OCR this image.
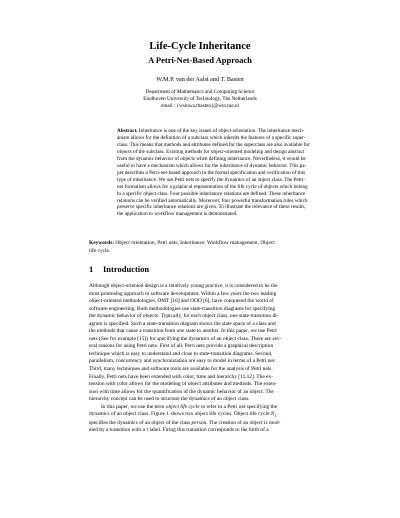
Life-Cycle Inheritance
A Petri-Net-Based Approach
W.M.P. van der Aalst and T. Basten
Department of Mathematics and Computing Science
Eindhoven University of Technology, The Netherlands
email : {wsinwa,tbasten}@win.tue.nl
Abstract. Inheritance is one of the key issues of object-orientation. The inheritance mech-
anism allows for the definition of a subclass which inherits the features of a specific super-
class. This means that methods and attributes defined for the superclass are also available for
objects of the subclass. Existing methods for object-oriented modeling and design abstract
from the dynamic behavior of objects when defining inheritance. Nevertheless, it would be
useful to have a mechanism which allows for the inheritance of dynamic behavior. This pa-
per describes a Petri-net-based approach to the formal specification and verification of this
type of inheritance. We use Petri nets to specify the dynamics of an object class. The Petri-
net formalism allows for a graphical representation of the life cycle of objects which belong
to a specific object class. Four possible inheritance relations are defined. These inheritance
relations can be verified automatically. Moreover, four powerful transformation rules which
preserve specific inheritance relations are given. To illustrate the relevance of these results,
the application to workflow management is demonstrated.
Keywords: Object orientation, Petri nets, Inheritance, Workflow management, Object
life cycle.
1 Introduction
Although object-oriented design is a relatively young practice, it is considered to be the
most promising approach to software development. Within a few years the two leading
object-oriented methodologies, OMT [16] and OOD [6], have conquered the world of
software engineering. Both methodologies use state-transition diagrams for specifying
the dynamic behavior of objects. Typically, for each object class, one state-transition di-
agram is specified. Such a state-transition diagram shows the state space of a class and
the methods that cause a transition from one state to another. In this paper, we use Petri
nets (See for example [15]) for specifying the dynamics of an object class. There are sev-
eral reasons for using Petri nets. First of all, Petri nets provide a graphical description
technique which is easy to understand and close to state-transition diagrams. Second,
parallelism, concurrency and synchronization are easy to model in terms of a Petri net.
Third, many techniques and software tools are available for the analysis of Petri nets.
Finally, Petri nets have been extended with color, time and hierarchy [11,12]. The ex-
tension with color allows for the modeling of object attributes and methods. The exten-
sion with time allows for the quantification of the dynamic behavior of an object. The
hierarchy concept can be used to structure the dynamics of an object class.
In this paper, we use the term object life cycle to refer to a Petri net specifying the
dynamics of an object class. Figure 1 shows two object life cycles. Object life cycle $N_1$
specifies the dynamics of an object of the class person. The creation of an object is mod-
eled by a transition with a τ label. Firing this transition corresponds to the birth of a
